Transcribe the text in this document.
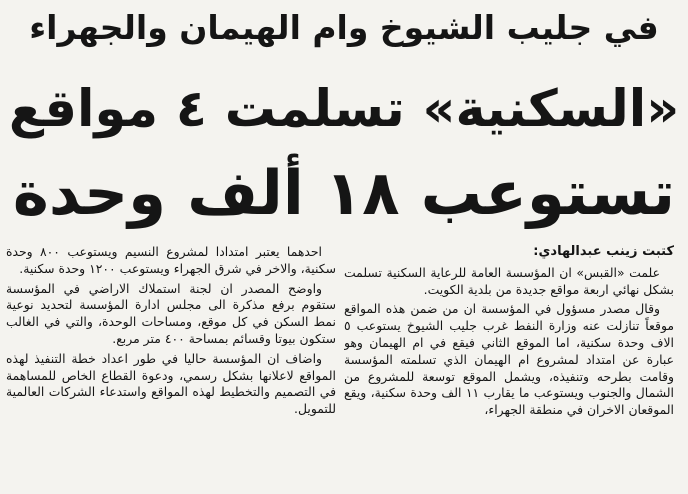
في جليب الشيوخ وام الهيمان والجهراء
«السكنية» تسلمت ٤ مواقع
تستوعب ١٨ ألف وحدة
كتبت زينب عبدالهادي:

علمت «القبس» ان المؤسسة العامة للرعاية السكنية تسلمت بشكل نهائي اربعة مواقع جديدة من بلدية الكويت.

وقال مصدر مسؤول في المؤسسة ان من ضمن هذه المواقع موقعاً تنازلت عنه وزارة النفط غرب جليب الشيوخ يستوعب ٥ الاف وحدة سكنية، اما الموقع الثاني فيقع في ام الهيمان وهو عبارة عن امتداد لمشروع ام الهيمان الذي تسلمته المؤسسة وقامت بطرحه وتنفيذه، ويشمل الموقع توسعة للمشروع من الشمال والجنوب ويستوعب ما يقارب ١١ الف وحدة سكنية، ويقع الموقعان الاخران في منطقة الجهراء،

احدهما يعتبر امتدادا لمشروع النسيم ويستوعب ٨٠٠ وحدة سكنية، والاخر في شرق الجهراء ويستوعب ١٢٠٠ وحدة سكنية.

واوضح المصدر ان لجنة استملاك الاراضي في المؤسسة ستقوم برفع مذكرة الى مجلس ادارة المؤسسة لتحديد نوعية نمط السكن في كل موقع، ومساحات الوحدة، والتي في الغالب ستكون بيوتا وقسائم بمساحة ٤٠٠ متر مربع.

واضاف ان المؤسسة حاليا في طور اعداد خطة التنفيذ لهذه المواقع لاعلانها بشكل رسمي، ودعوة القطاع الخاص للمساهمة في التصميم والتخطيط لهذه المواقع واستدعاء الشركات العالمية للتمويل.
